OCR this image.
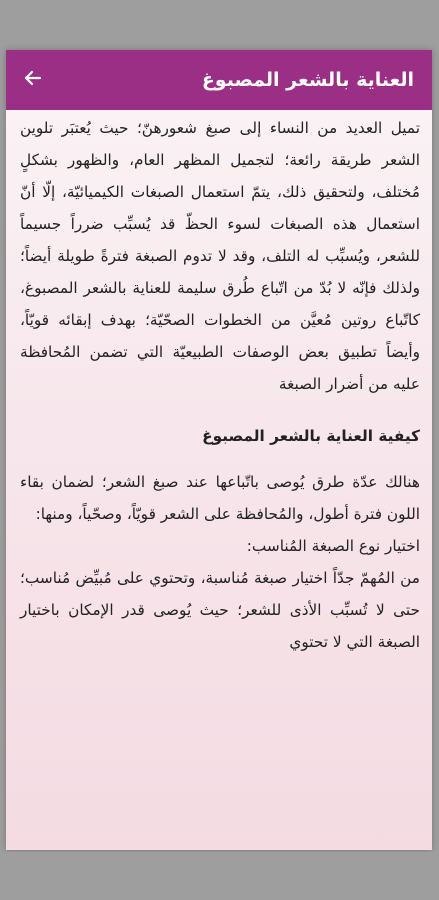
العناية بالشعر المصبوغ

تميل العديد من النساء إلى صبغ شعورهنّ؛ حيث يُعتبَر تلوين الشعر طريقة رائعة؛ لتجميل المظهر العام، والظهور بشكلٍ مُختلف، ولتحقيق ذلك، يتمّ استعمال الصبغات الكيميائيّة، إلّا أنّ استعمال هذه الصبغات لسوء الحظّ قد يُسبِّب ضرراً جسيماً للشعر، ويُسبِّب له التلف، وقد لا تدوم الصبغة فترةً طويلة أيضاً؛ ولذلك فإنّه لا بُدّ من اتّباع طُرق سليمة للعناية بالشعر المصبوغ، كاتّباع روتين مُعيَّن من الخطوات الصحّيّة؛ بهدف إبقائه قويّاً، وأيضاً تطبيق بعض الوصفات الطبيعيّة التي تضمن المُحافظة عليه من أضرار الصبغة

كيفية العناية بالشعر المصبوغ

هنالك عدّة طرق يُوصى باتّباعها عند صبغ الشعر؛ لضمان بقاء اللون فترة أطول، والمُحافظة على الشعر قويّاً، وصحّياً، ومنها:

اختيار نوع الصبغة المُناسب:

من المُهمّ جدّاً اختيار صبغة مُناسبة، وتحتوي على مُبيِّض مُناسب؛ حتى لا تُسبِّب الأذى للشعر؛ حيث يُوصى قدر الإمكان باختيار الصبغة التي لا تحتوي
